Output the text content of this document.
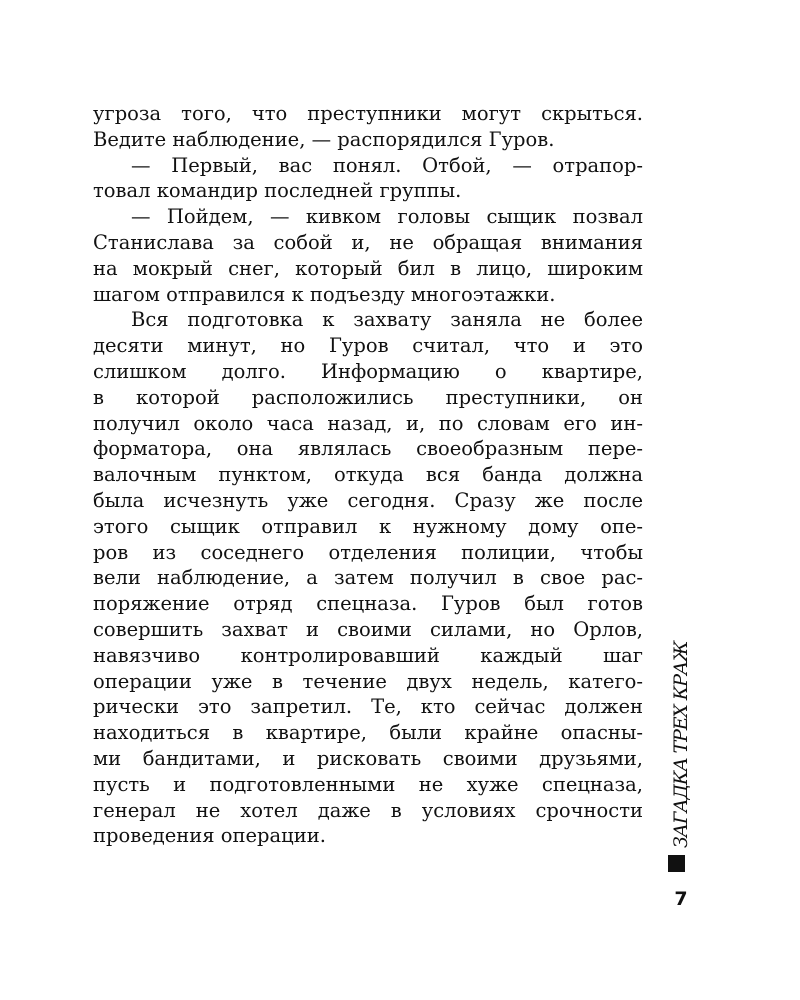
угроза того, что преступники могут скрыться.
Ведите наблюдение, — распорядился Гуров.
— Первый, вас понял. Отбой, — отрапор-
товал командир последней группы.
— Пойдем, — кивком головы сыщик позвал
Станислава за собой и, не обращая внимания
на мокрый снег, который бил в лицо, широким
шагом отправился к подъезду многоэтажки.
Вся подготовка к захвату заняла не более
десяти минут, но Гуров считал, что и это
слишком долго. Информацию о квартире,
в которой расположились преступники, он
получил около часа назад, и, по словам его ин-
форматора, она являлась своеобразным пере-
валочным пунктом, откуда вся банда должна
была исчезнуть уже сегодня. Сразу же после
этого сыщик отправил к нужному дому опе-
ров из соседнего отделения полиции, чтобы
вели наблюдение, а затем получил в свое рас-
поряжение отряд спецназа. Гуров был готов
совершить захват и своими силами, но Орлов,
навязчиво контролировавший каждый шаг
операции уже в течение двух недель, катего-
рически это запретил. Те, кто сейчас должен
находиться в квартире, были крайне опасны-
ми бандитами, и рисковать своими друзьями,
пусть и подготовленными не хуже спецназа,
генерал не хотел даже в условиях срочности
проведения операции.	ЗАГАДКА ТРЕХ КРАЖ
7
